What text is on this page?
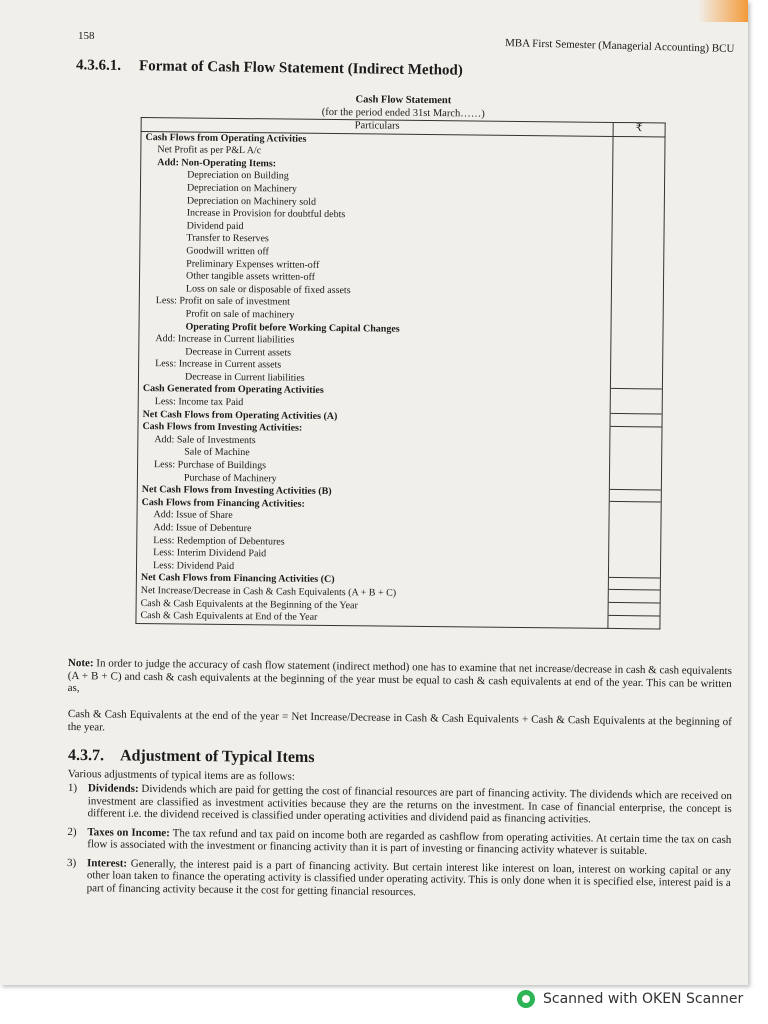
158
MBA First Semester (Managerial Accounting) BCU
4.3.6.1. Format of Cash Flow Statement (Indirect Method)
Cash Flow Statement
(for the period ended 31st March……)
Particulars	₹
Cash Flows from Operating Activities	
Net Profit as per P&L A/c	
Add: Non-Operating Items:	
Depreciation on Building	
Depreciation on Machinery	
Depreciation on Machinery sold	
Increase in Provision for doubtful debts	
Dividend paid	
Transfer to Reserves	
Goodwill written off	
Preliminary Expenses written-off	
Other tangible assets written-off	
Loss on sale or disposable of fixed assets	
Less: Profit on sale of investment	
Profit on sale of machinery	
Operating Profit before Working Capital Changes	
Add: Increase in Current liabilities	
Decrease in Current assets	
Less: Increase in Current assets	
Decrease in Current liabilities	
Cash Generated from Operating Activities	
Less: Income tax Paid	
Net Cash Flows from Operating Activities (A)	
Cash Flows from Investing Activities:	
Add: Sale of Investments	
Sale of Machine	
Less: Purchase of Buildings	
Purchase of Machinery	
Net Cash Flows from Investing Activities (B)	
Cash Flows from Financing Activities:	
Add: Issue of Share	
Add: Issue of Debenture	
Less: Redemption of Debentures	
Less: Interim Dividend Paid	
Less: Dividend Paid	
Net Cash Flows from Financing Activities (C)	
Net Increase/Decrease in Cash & Cash Equivalents (A + B + C)	
Cash & Cash Equivalents at the Beginning of the Year	
Cash & Cash Equivalents at End of the Year	
Note: In order to judge the accuracy of cash flow statement (indirect method) one has to examine that net increase/decrease in cash & cash equivalents (A + B + C) and cash & cash equivalents at the beginning of the year must be equal to cash & cash equivalents at end of the year. This can be written as,
Cash & Cash Equivalents at the end of the year = Net Increase/Decrease in Cash & Cash Equivalents + Cash & Cash Equivalents at the beginning of the year.
4.3.7. Adjustment of Typical Items
Various adjustments of typical items are as follows:
1) Dividends: Dividends which are paid for getting the cost of financial resources are part of financing activity. The dividends which are received on investment are classified as investment activities because they are the returns on the investment. In case of financial enterprise, the concept is different i.e. the dividend received is classified under operating activities and dividend paid as financing activities.
2) Taxes on Income: The tax refund and tax paid on income both are regarded as cashflow from operating activities. At certain time the tax on cash flow is associated with the investment or financing activity than it is part of investing or financing activity whatever is suitable.
3) Interest: Generally, the interest paid is a part of financing activity. But certain interest like interest on loan, interest on working capital or any other loan taken to finance the operating activity is classified under operating activity. This is only done when it is specified else, interest paid is a part of financing activity because it the cost for getting financial resources.
Scanned with OKEN Scanner
